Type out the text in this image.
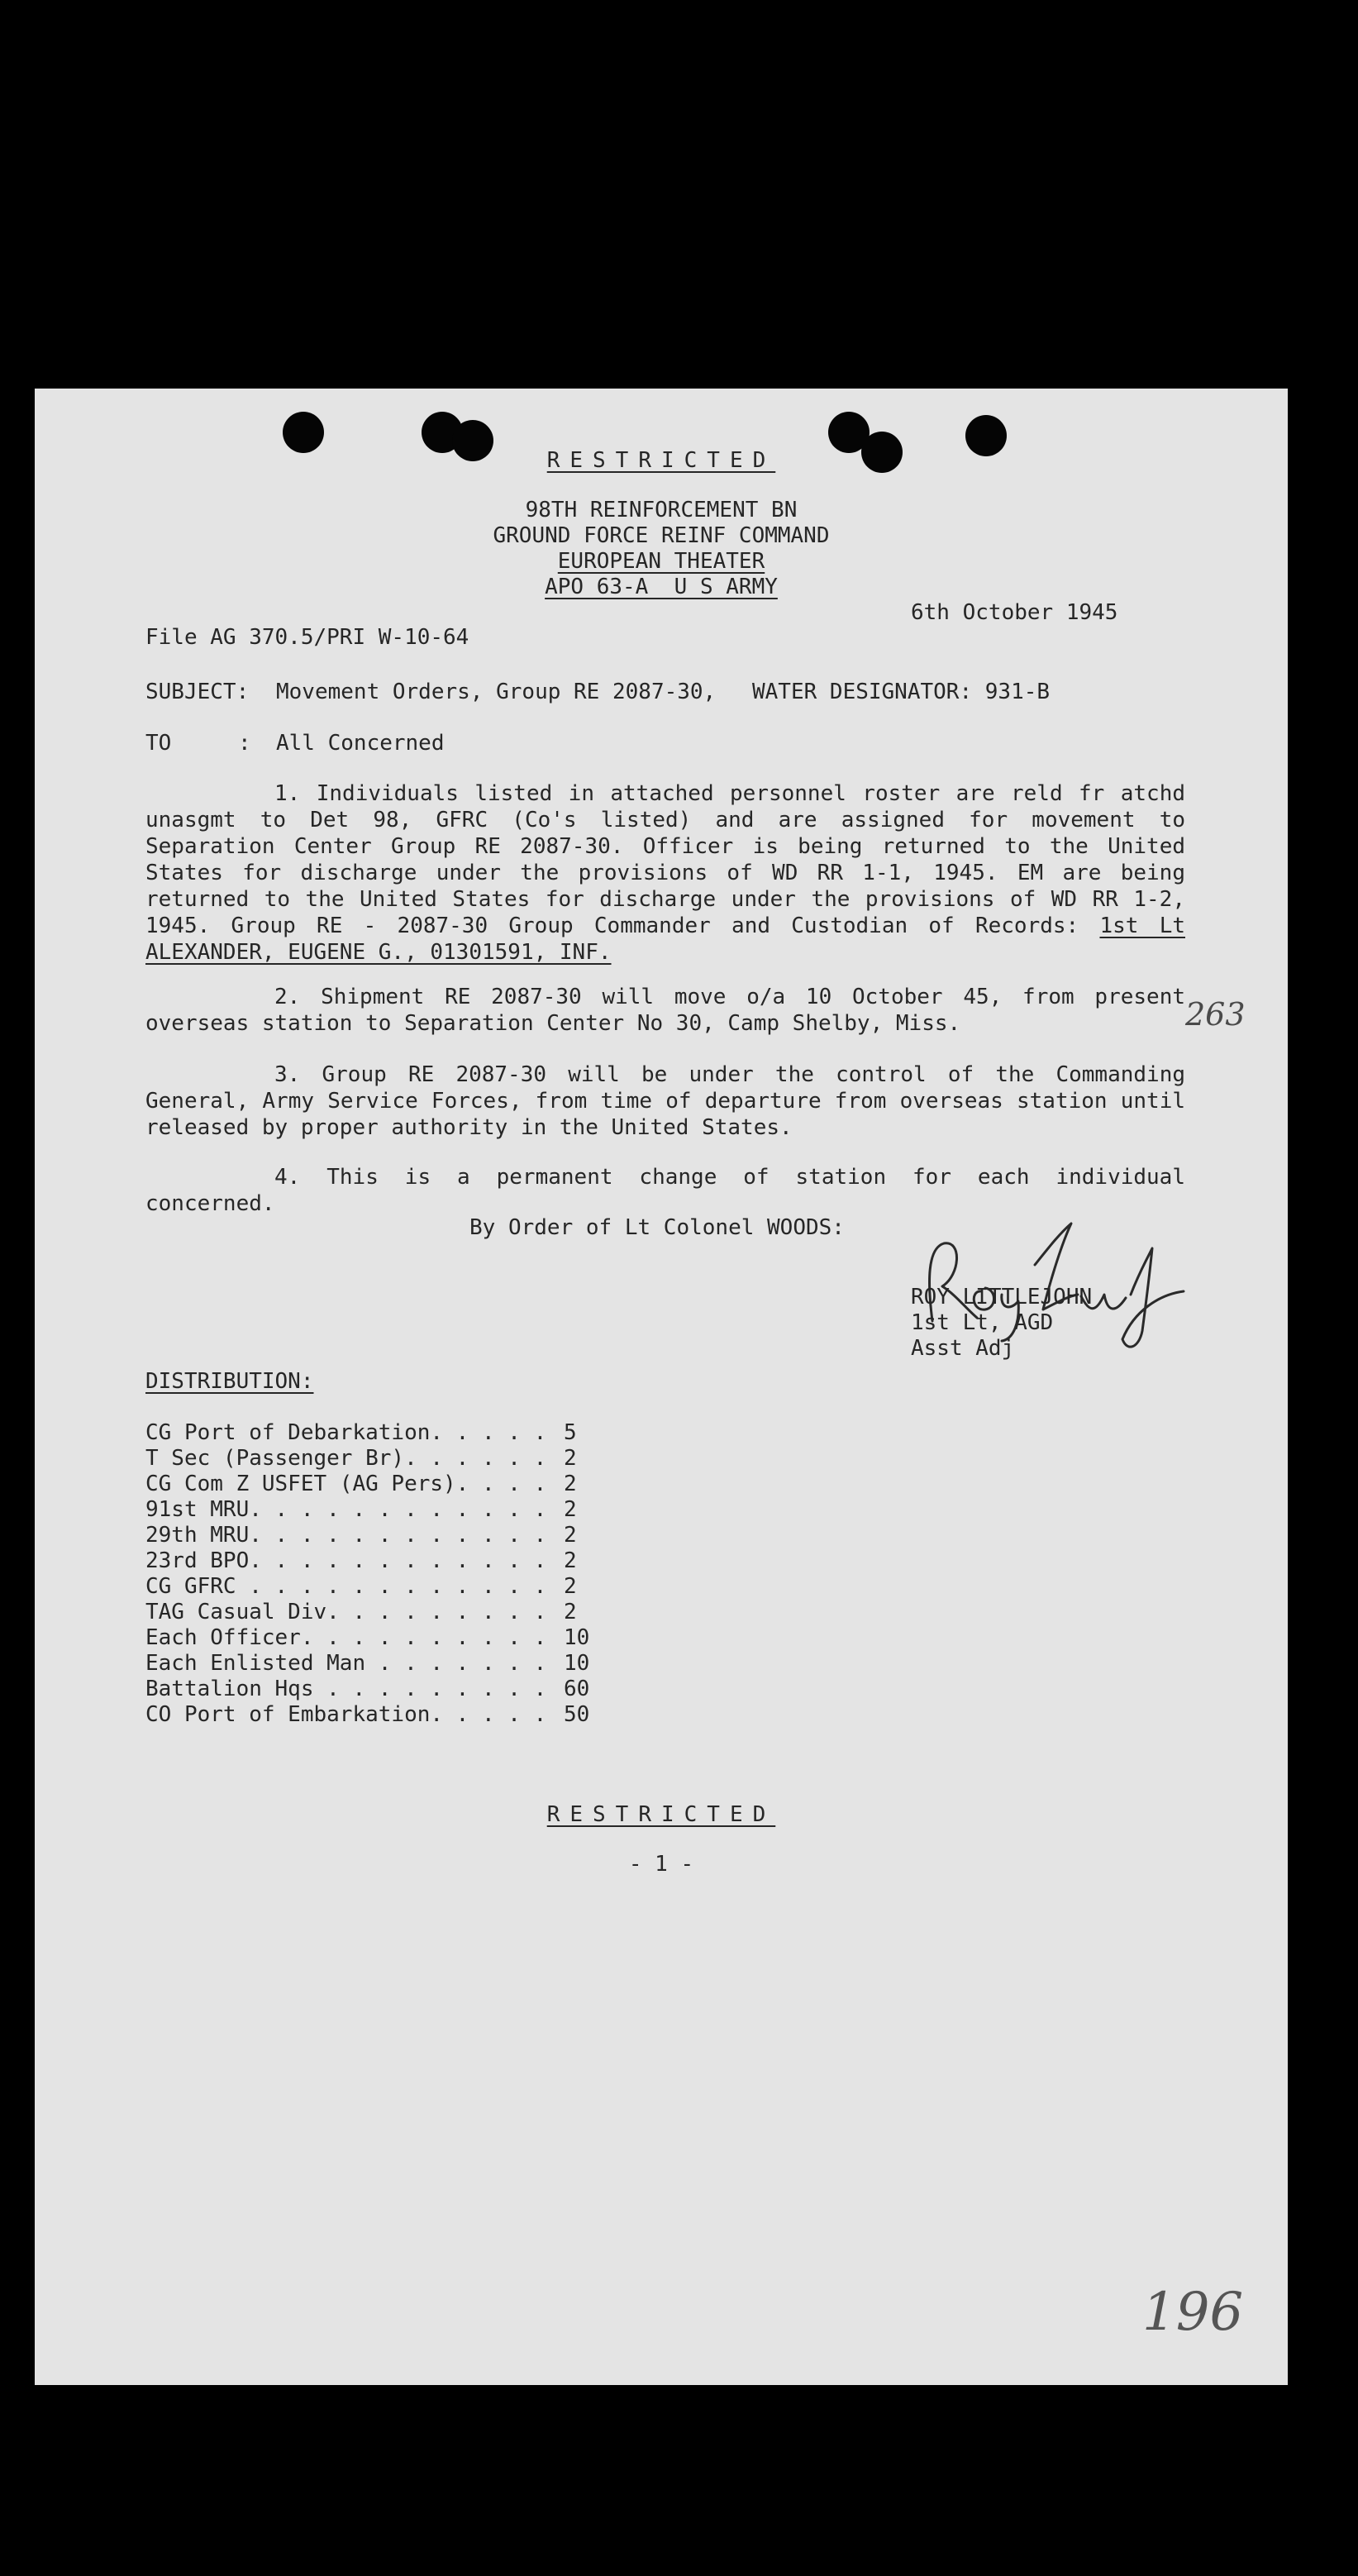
RESTRICTED
98TH REINFORCEMENT BN
GROUND FORCE REINF COMMAND
EUROPEAN THEATER
APO 63-A  U S ARMY
6th October 1945
File AG 370.5/PRI W-10-64
SUBJECT: Movement Orders, Group RE 2087-30, WATER DESIGNATOR: 931-B
TO	: All Concerned
1. Individuals listed in attached personnel roster are reld fr atchd unasgmt to Det 98, GFRC (Co's listed) and are assigned for movement to Separation Center Group RE 2087-30. Officer is being returned to the United States for discharge under the provisions of WD RR 1-1, 1945. EM are being returned to the United States for discharge under the provisions of WD RR 1-2, 1945. Group RE - 2087-30 Group Commander and Custodian of Records: 1st Lt ALEXANDER, EUGENE G., 01301591, INF.
2. Shipment RE 2087-30 will move o/a 10 October 45, from present overseas station to Separation Center No 30, Camp Shelby, Miss.	263
3. Group RE 2087-30 will be under the control of the Commanding General, Army Service Forces, from time of departure from overseas station until released by proper authority in the United States.
4. This is a permanent change of station for each individual concerned.
By Order of Lt Colonel WOODS:
ROY LITTLEJOHN
1st Lt, AGD
Asst Adj
DISTRIBUTION:
CG Port of Debarkation. . . . . 5
T Sec (Passenger Br). . . . . . 2
CG Com Z USFET (AG Pers). . . . 2
91st MRU. . . . . . . . . . . . 2
29th MRU. . . . . . . . . . . . 2
23rd BPO. . . . . . . . . . . . 2
CG GFRC . . . . . . . . . . . . 2
TAG Casual Div. . . . . . . . . 2
Each Officer. . . . . . . . . . 10
Each Enlisted Man . . . . . . . 10
Battalion Hqs . . . . . . . . . 60
CO Port of Embarkation. . . . . 50
RESTRICTED
- 1 -
196
